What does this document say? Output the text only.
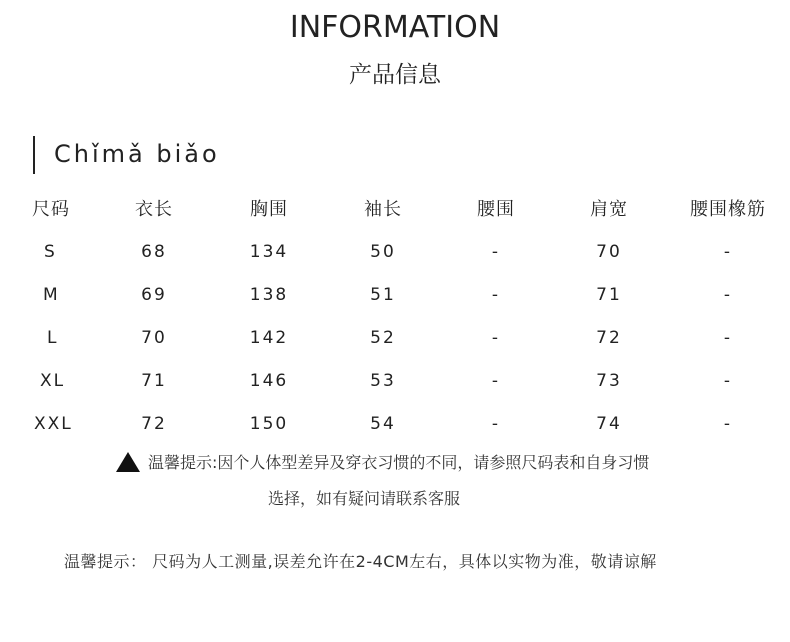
INFORMATION
产品信息
Chǐmǎ biǎo
尺码	衣长	胸围	袖长	腰围	肩宽	腰围橡筋
S	68	134	50	-	70	-
M	69	138	51	-	71	-
L	70	142	52	-	72	-
XL	71	146	53	-	73	-
XXL	72	150	54	-	74	-
温馨提示:因个人体型差异及穿衣习惯的不同，请参照尺码表和自身习惯
选择，如有疑问请联系客服
温馨提示： 尺码为人工测量,误差允许在2-4CM左右，具体以实物为准，敬请谅解
